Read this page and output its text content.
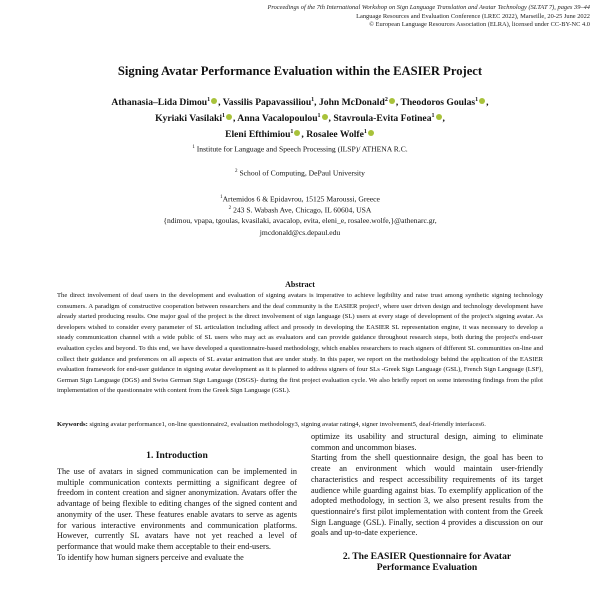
Proceedings of the 7th International Workshop on Sign Language Translation and Avatar Technology (SLTAT 7), pages 39–44
Language Resources and Evaluation Conference (LREC 2022), Marseille, 20-25 June 2022
© European Language Resources Association (ELRA), licensed under CC-BY-NC 4.0
Signing Avatar Performance Evaluation within the EASIER Project
Athanasia–Lida Dimou$^1$ , Vassilis Papavassiliou$^1$, John McDonald$^2$ , Theodoros Goulas$^1$ ,
Kyriaki Vasilaki$^1$ , Anna Vacalopoulou$^1$ , Stavroula-Evita Fotinea$^1$ ,
Eleni Efthimiou$^1$ , Rosalee Wolfe$^1$
$^1$ Institute for Language and Speech Processing (ILSP)/ ATHENA R.C.
$^2$ School of Computing, DePaul University
$^1$Artemidos 6 & Epidavrou, 15125 Maroussi, Greece
$^2$ 243 S. Wabash Ave, Chicago, IL 60604, USA
{ndimou, vpapa, tgoulas, kvasilaki, avacalop, evita, eleni_e, rosalee.wolfe,}@athenarc.gr,
jmcdonald@cs.depaul.edu
Abstract
The direct involvement of deaf users in the development and evaluation of signing avatars is imperative to achieve legibility and raise trust among synthetic signing technology consumers. A paradigm of constructive cooperation between researchers and the deaf community is the EASIER project¹, where user driven design and technology development have already started producing results. One major goal of the project is the direct involvement of sign language (SL) users at every stage of development of the project's signing avatar. As developers wished to consider every parameter of SL articulation including affect and prosody in developing the EASIER SL representation engine, it was necessary to develop a steady communication channel with a wide public of SL users who may act as evaluators and can provide guidance throughout research steps, both during the project's end-user evaluation cycles and beyond. To this end, we have developed a questionnaire-based methodology, which enables researchers to reach signers of different SL communities on-line and collect their guidance and preferences on all aspects of SL avatar animation that are under study. In this paper, we report on the methodology behind the application of the EASIER evaluation framework for end-user guidance in signing avatar development as it is planned to address signers of four SLs -Greek Sign Language (GSL), French Sign Language (LSF), German Sign Language (DGS) and Swiss German Sign Language (DSGS)- during the first project evaluation cycle. We also briefly report on some interesting findings from the pilot implementation of the questionnaire with content from the Greek Sign Language (GSL).
Keywords: signing avatar performance1, on-line questionnaire2, evaluation methodology3, signing avatar rating4, signer involvement5, deaf-friendly interfaces6.
1. Introduction

The use of avatars in signed communication can be implemented in multiple communication contexts permitting a significant degree of freedom in content creation and signer anonymization. Avatars offer the advantage of being flexible to editing changes of the signed content and anonymity of the user. These features enable avatars to serve as agents for various interactive environments and communication platforms. However, currently SL avatars have not yet reached a level of performance that would make them acceptable to their end-users.

To identify how human signers perceive and evaluate the

optimize its usability and structural design, aiming to eliminate common and uncommon biases.

Starting from the shell questionnaire design, the goal has been to create an environment which would maintain user-friendly characteristics and respect accessibility requirements of its target audience while guarding against bias. To exemplify application of the adopted methodology, in section 3, we also present results from the questionnaire's first pilot implementation with content from the Greek Sign Language (GSL). Finally, section 4 provides a discussion on our goals and up-to-date experience.

2. The EASIER Questionnaire for Avatar
Performance Evaluation
